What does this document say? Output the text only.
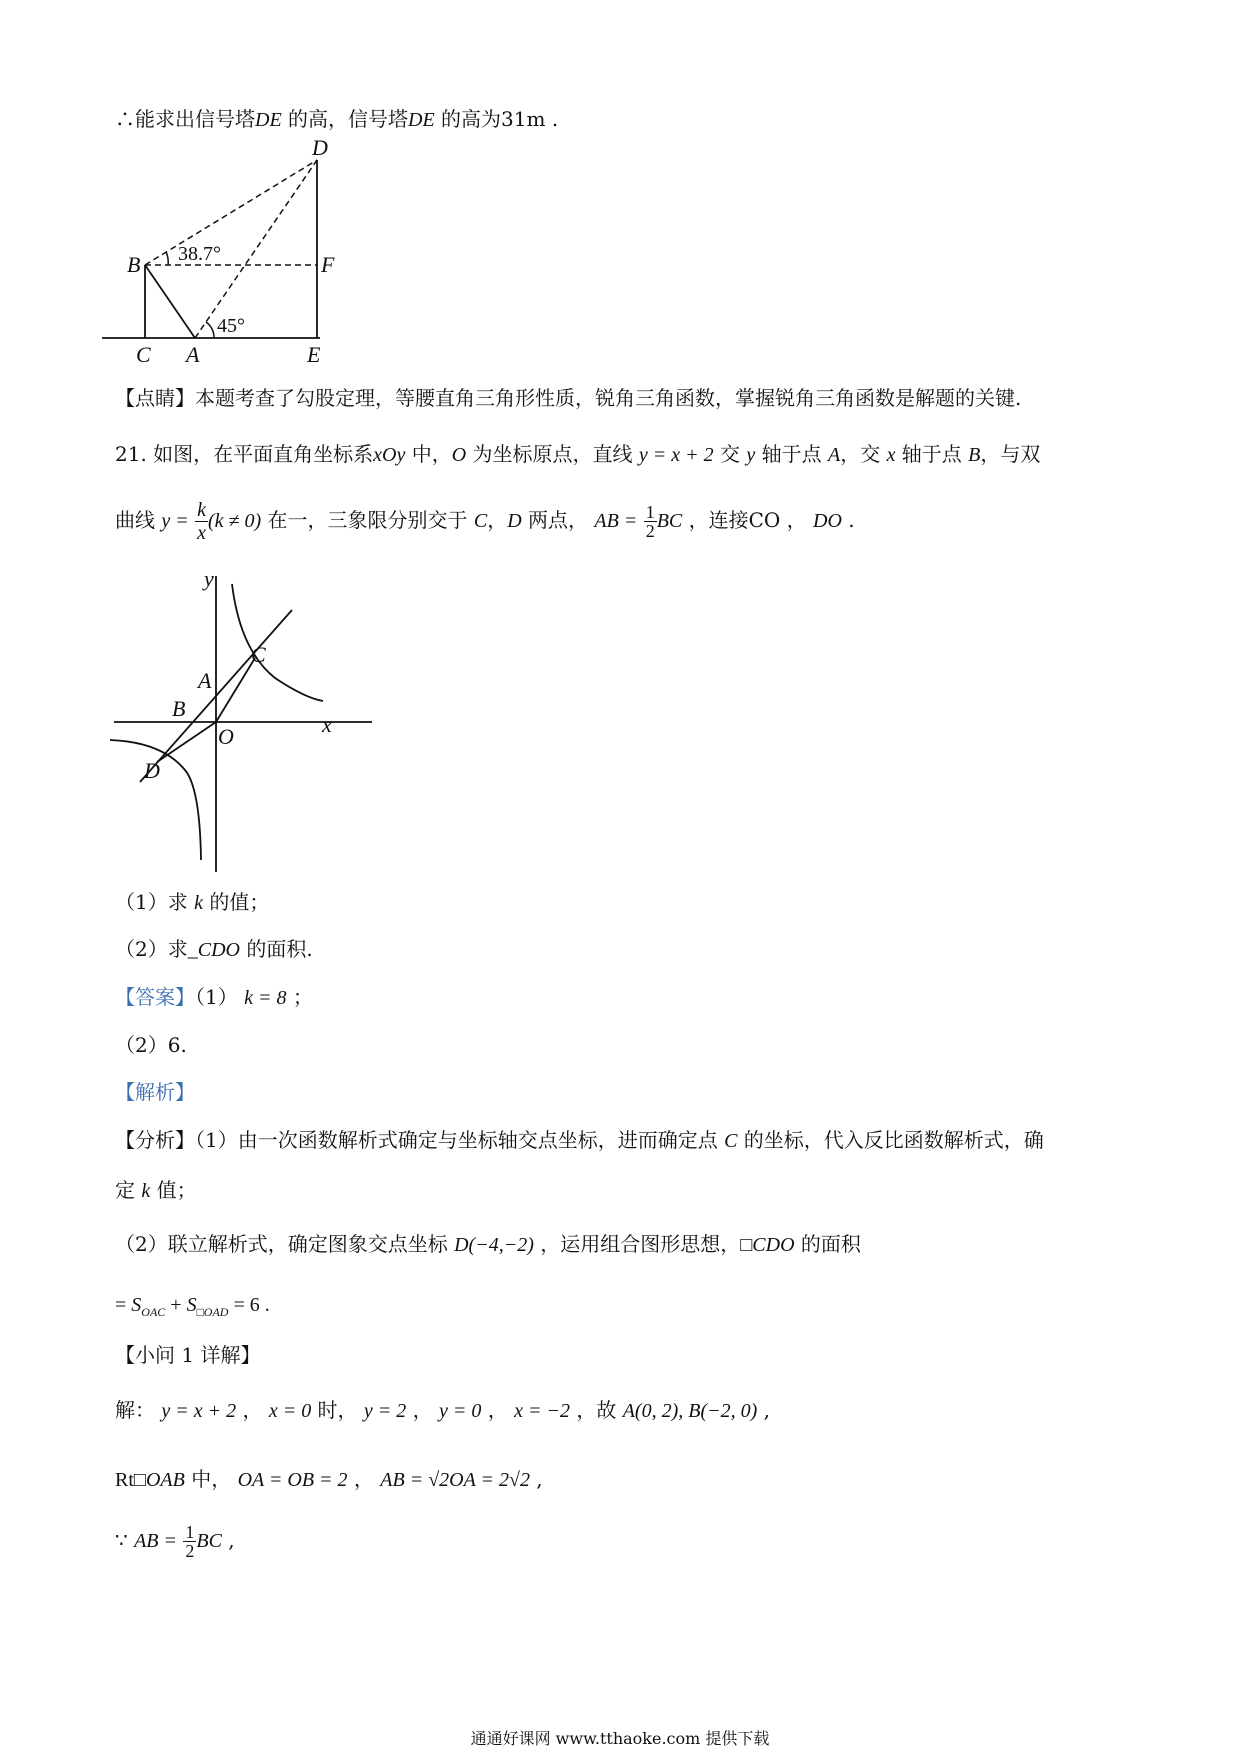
∴能求出信号塔DE 的高，信号塔DE 的高为31m .
D
B	F
C A	E
38.7°
45°
【点睛】本题考查了勾股定理，等腰直角三角形性质，锐角三角函数，掌握锐角三角函数是解题的关键.
21. 如图，在平面直角坐标系xOy 中，O 为坐标原点，直线 y = x + 2 交 y 轴于点 A，交 x 轴于点 B，与双
曲线 $y = \frac{k}{x} (k \ne 0)$ 在一，三象限分别交于 C，D 两点， AB = $\frac{1}{2}$ BC ，连接CO ， DO .
y
x
A
B
C
D
O
（1）求 k 的值；
（2）求_CDO 的面积.
【答案】（1） k = 8 ；
（2）6.
【解析】
【分析】（1）由一次函数解析式确定与坐标轴交点坐标，进而确定点 C 的坐标，代入反比函数解析式，确
定 k 值；
（2）联立解析式，确定图象交点坐标 D(−4,−2) ，运用组合图形思想，□CDO 的面积
= $S_{OAC} + S_{□OAD} = 6$ .
【小问 1 详解】
解： y = x + 2 ， x = 0 时， y = 2 ， y = 0 ， x = −2 ，故 A(0, 2), B(−2, 0) ,
Rt□OAB 中， OA = OB = 2 ， AB = √2OA = 2√2 ,
∵ AB = $\frac{1}{2}$ BC ,
通通好课网 www.tthaoke.com 提供下载
